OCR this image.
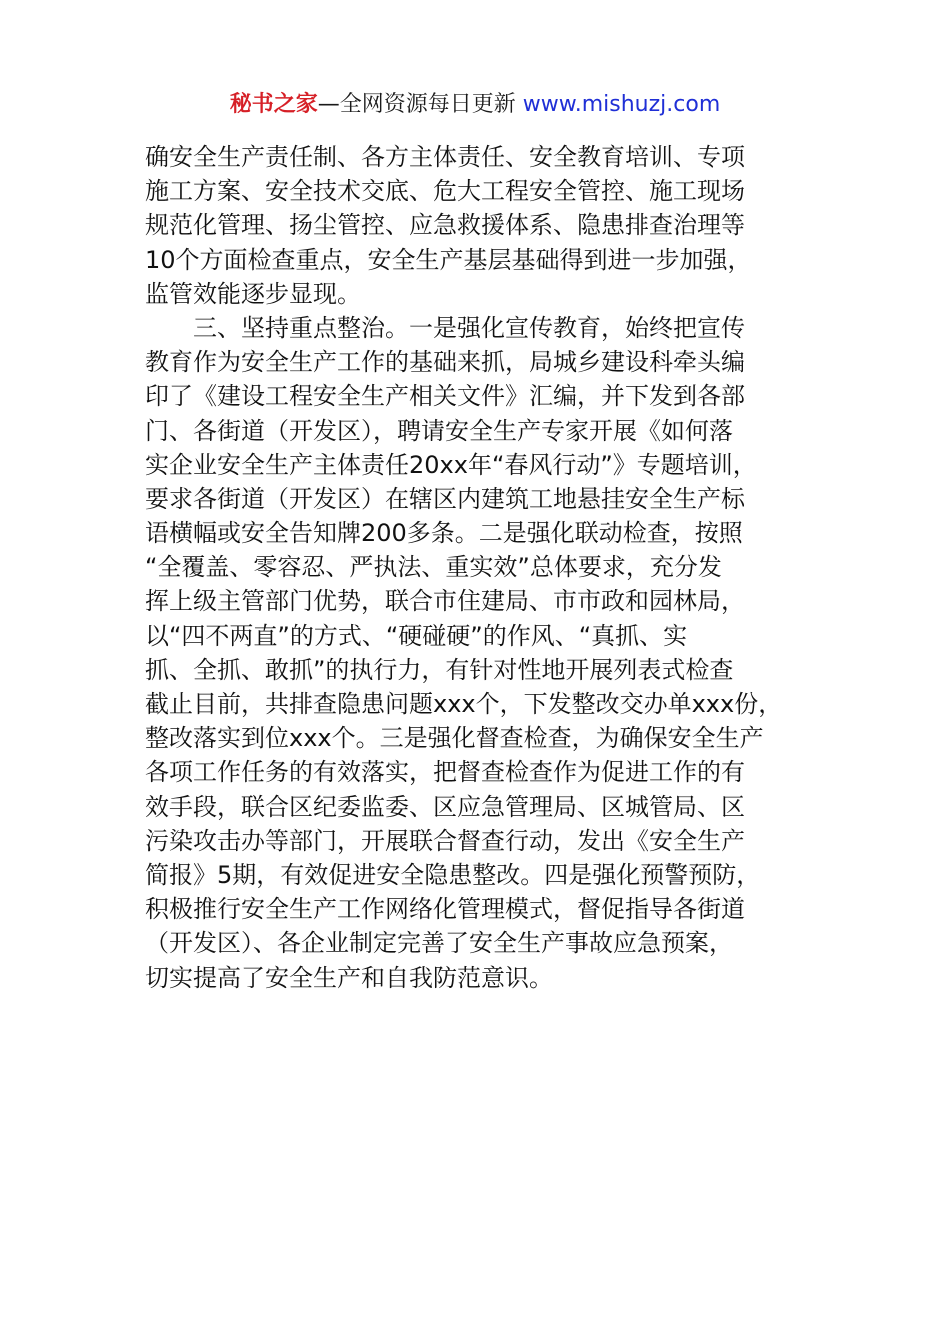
秘书之家—全网资源每日更新 www.mishuzj.com
确安全生产责任制、各方主体责任、安全教育培训、专项
施工方案、安全技术交底、危大工程安全管控、施工现场
规范化管理、扬尘管控、应急救援体系、隐患排查治理等
10个方面检查重点，安全生产基层基础得到进一步加强，
监管效能逐步显现。
三、坚持重点整治。一是强化宣传教育，始终把宣传
教育作为安全生产工作的基础来抓，局城乡建设科牵头编
印了《建设工程安全生产相关文件》汇编，并下发到各部
门、各街道（开发区），聘请安全生产专家开展《如何落
实企业安全生产主体责任20xx年“春风行动”》专题培训，
要求各街道（开发区）在辖区内建筑工地悬挂安全生产标
语横幅或安全告知牌200多条。二是强化联动检查，按照
“全覆盖、零容忍、严执法、重实效”总体要求，充分发
挥上级主管部门优势，联合市住建局、市市政和园林局，
以“四不两直”的方式、“硬碰硬”的作风、“真抓、实
抓、全抓、敢抓”的执行力，有针对性地开展列表式检查
截止目前，共排查隐患问题xxx个，下发整改交办单xxx份，
整改落实到位xxx个。三是强化督查检查，为确保安全生产
各项工作任务的有效落实，把督查检查作为促进工作的有
效手段，联合区纪委监委、区应急管理局、区城管局、区
污染攻击办等部门，开展联合督查行动，发出《安全生产
简报》5期，有效促进安全隐患整改。四是强化预警预防，
积极推行安全生产工作网络化管理模式，督促指导各街道
（开发区）、各企业制定完善了安全生产事故应急预案，
切实提高了安全生产和自我防范意识。
